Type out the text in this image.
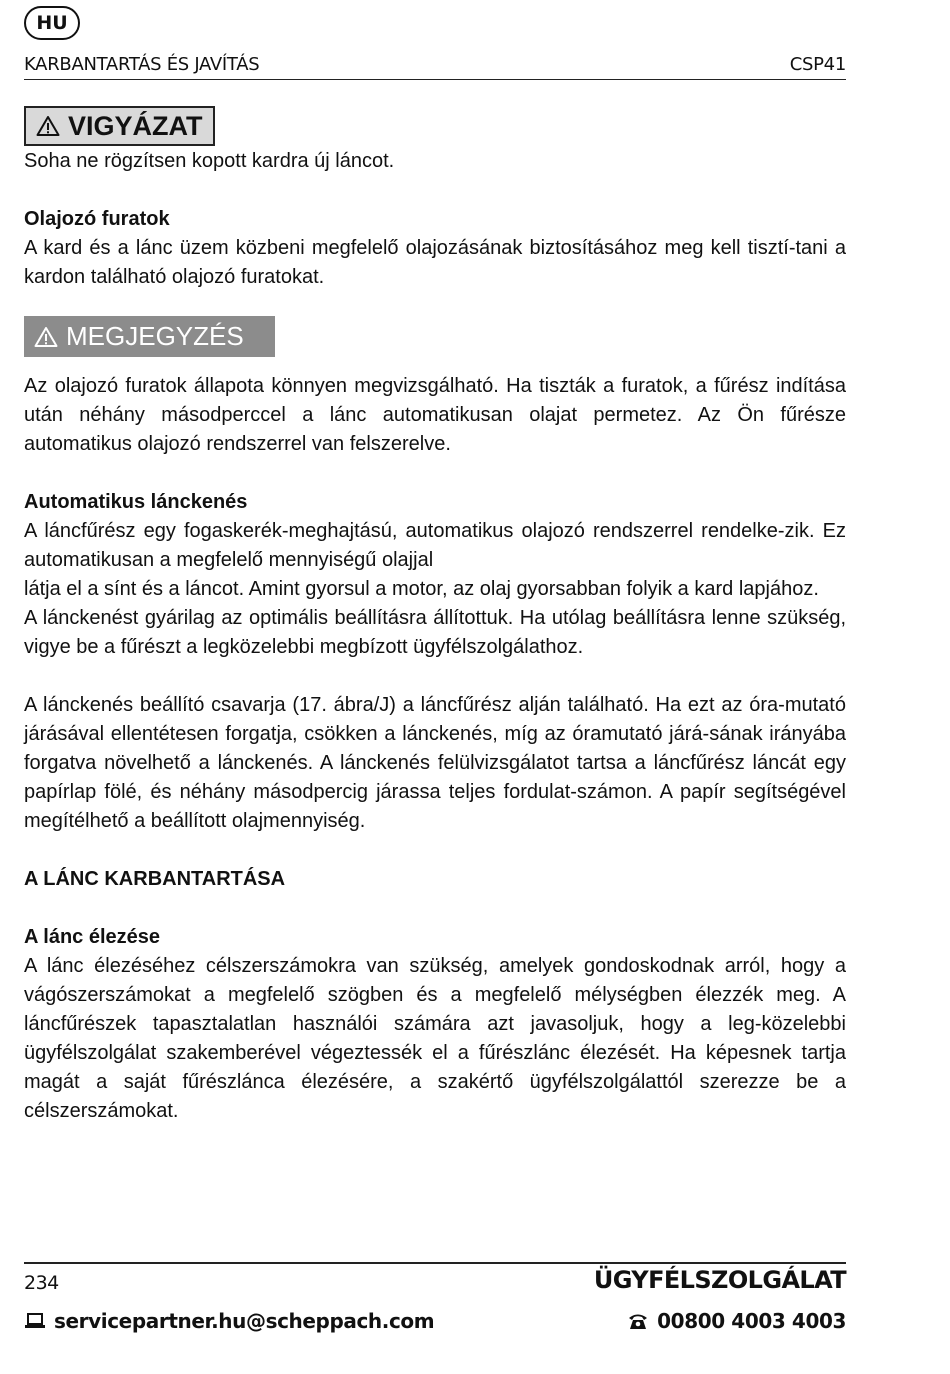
HU
KARBANTARTÁS ÉS JAVÍTÁS	CSP41
VIGYÁZAT

Soha ne rögzítsen kopott kardra új láncot.

Olajozó furatok

A kard és a lánc üzem közbeni megfelelő olajozásának biztosításához meg kell tisztí-tani a kardon található olajozó furatokat.

MEGJEGYZÉS

Az olajozó furatok állapota könnyen megvizsgálható. Ha tiszták a furatok, a fűrész indítása után néhány másodperccel a lánc automatikusan olajat permetez. Az Ön fűrésze automatikus olajozó rendszerrel van felszerelve.

Automatikus lánckenés

A láncfűrész egy fogaskerék-meghajtású, automatikus olajozó rendszerrel rendelke-zik. Ez automatikusan a megfelelő mennyiségű olajjal

látja el a sínt és a láncot. Amint gyorsul a motor, az olaj gyorsabban folyik a kard lapjához.

A lánckenést gyárilag az optimális beállításra állítottuk. Ha utólag beállításra lenne szükség, vigye be a fűrészt a legközelebbi megbízott ügyfélszolgálathoz.

A lánckenés beállító csavarja (17. ábra/J) a láncfűrész alján található. Ha ezt az óra-mutató járásával ellentétesen forgatja, csökken a lánckenés, míg az óramutató járá-sának irányába forgatva növelhető a lánckenés. A lánckenés felülvizsgálatot tartsa a láncfűrész láncát egy papírlap fölé, és néhány másodpercig járassa teljes fordulat-számon. A papír segítségével megítélhető a beállított olajmennyiség.

A LÁNC KARBANTARTÁSA

A lánc élezése

A lánc élezéséhez célszerszámokra van szükség, amelyek gondoskodnak arról, hogy a vágószerszámokat a megfelelő szögben és a megfelelő mélységben élezzék meg. A láncfűrészek tapasztalatlan használói számára azt javasoljuk, hogy a leg-közelebbi ügyfélszolgálat szakemberével végeztessék el a fűrészlánc élezését. Ha képesnek tartja magát a saját fűrészlánca élezésére, a szakértő ügyfélszolgálattól szerezze be a célszerszámokat.

234	ÜGYFÉLSZOLGÁLAT
servicepartner.hu@scheppach.com	00800 4003 4003
